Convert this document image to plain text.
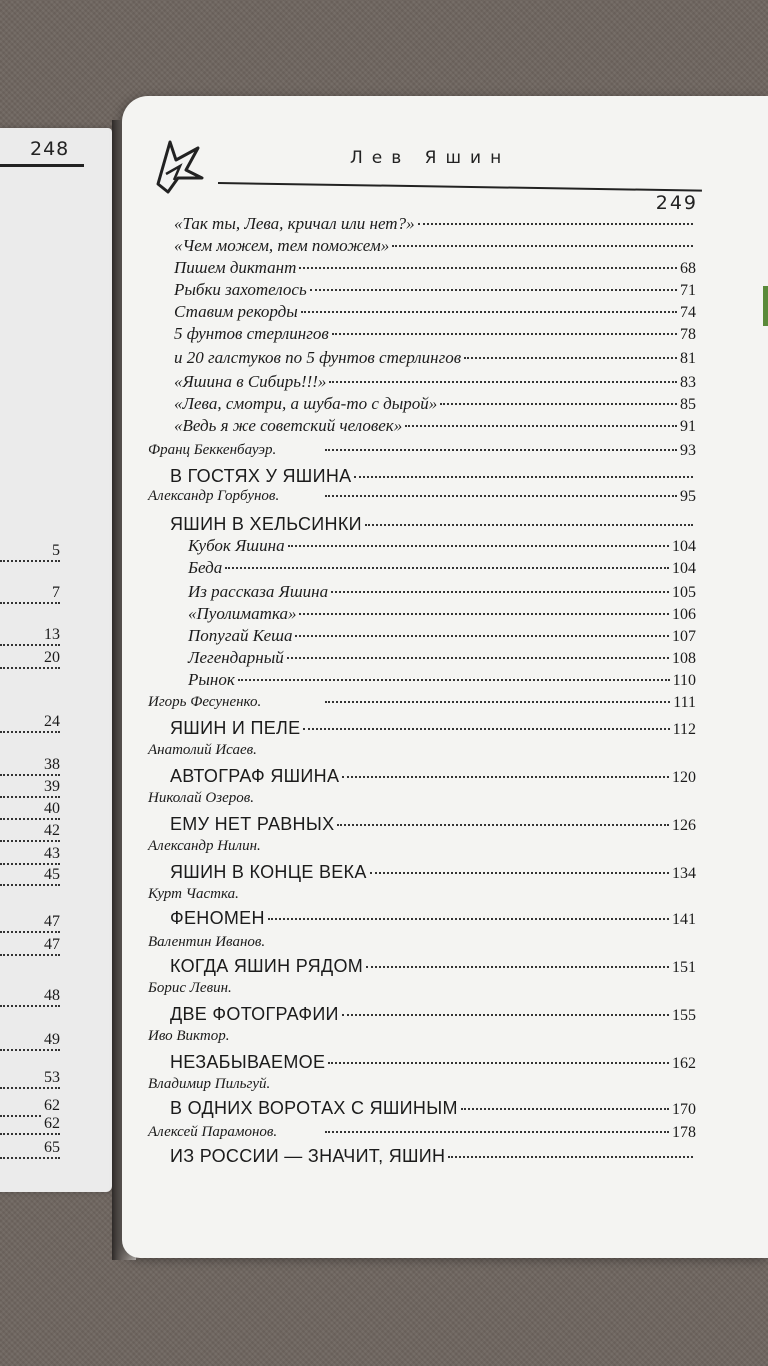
248
5
7
13
20
24
38
39
40
42
43
45
47
47
48
49
53
62
62
65
Лев Яшин
249
«Так ты, Лева, кричал или нет?»
«Чем можем, тем поможем»
Пишем диктант	68
Рыбки захотелось	71
Ставим рекорды	74
5 фунтов стерлингов	78
и 20 галстуков по 5 фунтов стерлингов	81
«Яшина в Сибирь!!!»	83
«Лева, смотри, а шуба-то с дырой»	85
«Ведь я же советский человек»	91
Франц Беккенбауэр.	93
В ГОСТЯХ У ЯШИНА
Александр Горбунов.	95
ЯШИН В ХЕЛЬСИНКИ
Кубок Яшина	104
Беда	104
Из рассказа Яшина	105
«Пуолиматка»	106
Попугай Кеша	107
Легендарный	108
Рынок	110
Игорь Фесуненко.	111
ЯШИН И ПЕЛЕ	112
Анатолий Исаев.
АВТОГРАФ ЯШИНА	120
Николай Озеров.
ЕМУ НЕТ РАВНЫХ	126
Александр Нилин.
ЯШИН В КОНЦЕ ВЕКА	134
Курт Частка.
ФЕНОМЕН	141
Валентин Иванов.
КОГДА ЯШИН РЯДОМ	151
Борис Левин.
ДВЕ ФОТОГРАФИИ	155
Иво Виктор.
НЕЗАБЫВАЕМОЕ	162
Владимир Пильгуй.
В ОДНИХ ВОРОТАХ С ЯШИНЫМ	170
Алексей Парамонов.	178
ИЗ РОССИИ — ЗНАЧИТ, ЯШИН
